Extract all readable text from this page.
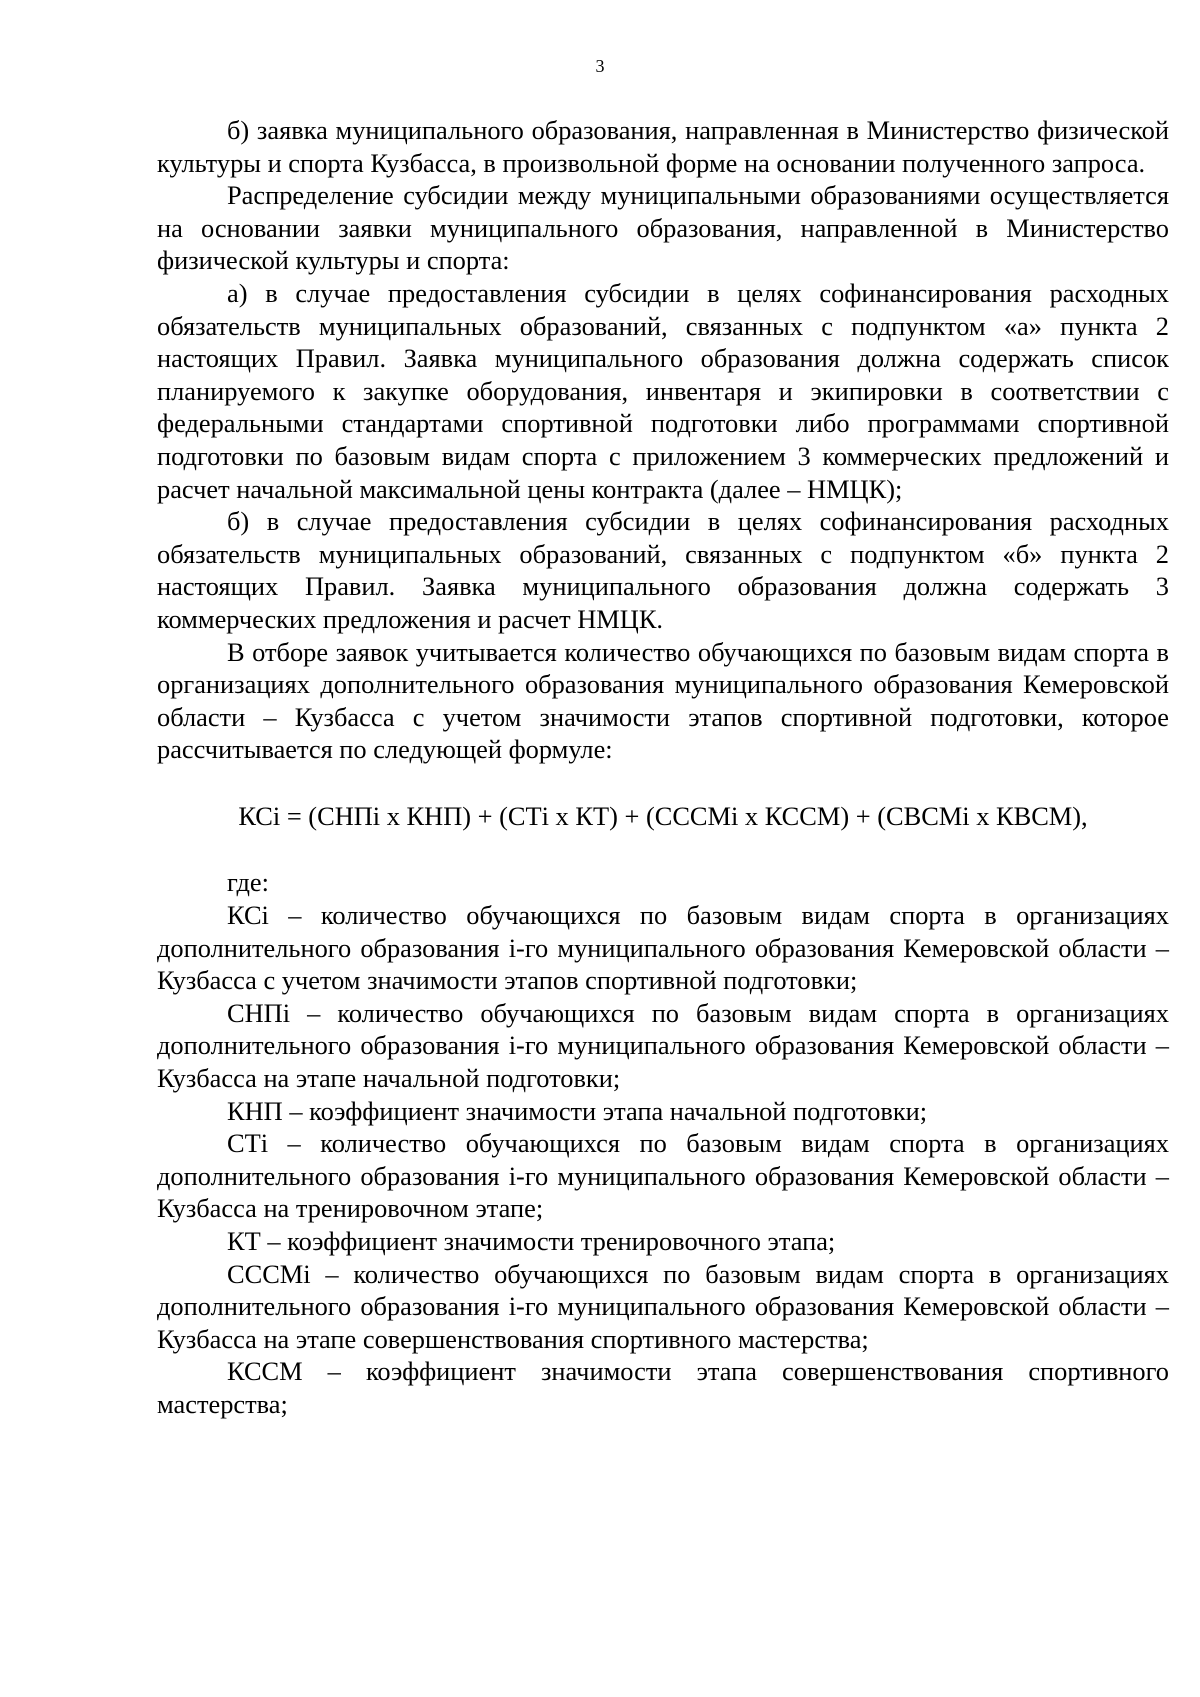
3

б) заявка муниципального образования, направленная в Министерство физической культуры и спорта Кузбасса, в произвольной форме на основании полученного запроса.

Распределение субсидии между муниципальными образованиями осуществляется на основании заявки муниципального образования, направленной в Министерство физической культуры и спорта:

а) в случае предоставления субсидии в целях софинансирования расходных обязательств муниципальных образований, связанных с подпунктом «а» пункта 2 настоящих Правил. Заявка муниципального образования должна содержать список планируемого к закупке оборудования, инвентаря и экипировки в соответствии с федеральными стандартами спортивной подготовки либо программами спортивной подготовки по базовым видам спорта с приложением 3 коммерческих предложений и расчет начальной максимальной цены контракта (далее – НМЦК);

б) в случае предоставления субсидии в целях софинансирования расходных обязательств муниципальных образований, связанных с подпунктом «б» пункта 2 настоящих Правил. Заявка муниципального образования должна содержать 3 коммерческих предложения и расчет НМЦК.

В отборе заявок учитывается количество обучающихся по базовым видам спорта в организациях дополнительного образования муниципального образования Кемеровской области – Кузбасса с учетом значимости этапов спортивной подготовки, которое рассчитывается по следующей формуле:

КСi = (СНПi х КНП) + (СТi х КТ) + (СССМi х КССМ) + (СВСМi х КВСМ),

где:

КСi – количество обучающихся по базовым видам спорта в организациях дополнительного образования i-го муниципального образования Кемеровской области – Кузбасса с учетом значимости этапов спортивной подготовки;

СНПi – количество обучающихся по базовым видам спорта в организациях дополнительного образования i-го муниципального образования Кемеровской области – Кузбасса на этапе начальной подготовки;

КНП – коэффициент значимости этапа начальной подготовки;

СТi – количество обучающихся по базовым видам спорта в организациях дополнительного образования i-го муниципального образования Кемеровской области – Кузбасса на тренировочном этапе;

КТ – коэффициент значимости тренировочного этапа;

СССМi – количество обучающихся по базовым видам спорта в организациях дополнительного образования i-го муниципального образования Кемеровской области – Кузбасса на этапе совершенствования спортивного мастерства;

КССМ – коэффициент значимости этапа совершенствования спортивного мастерства;
